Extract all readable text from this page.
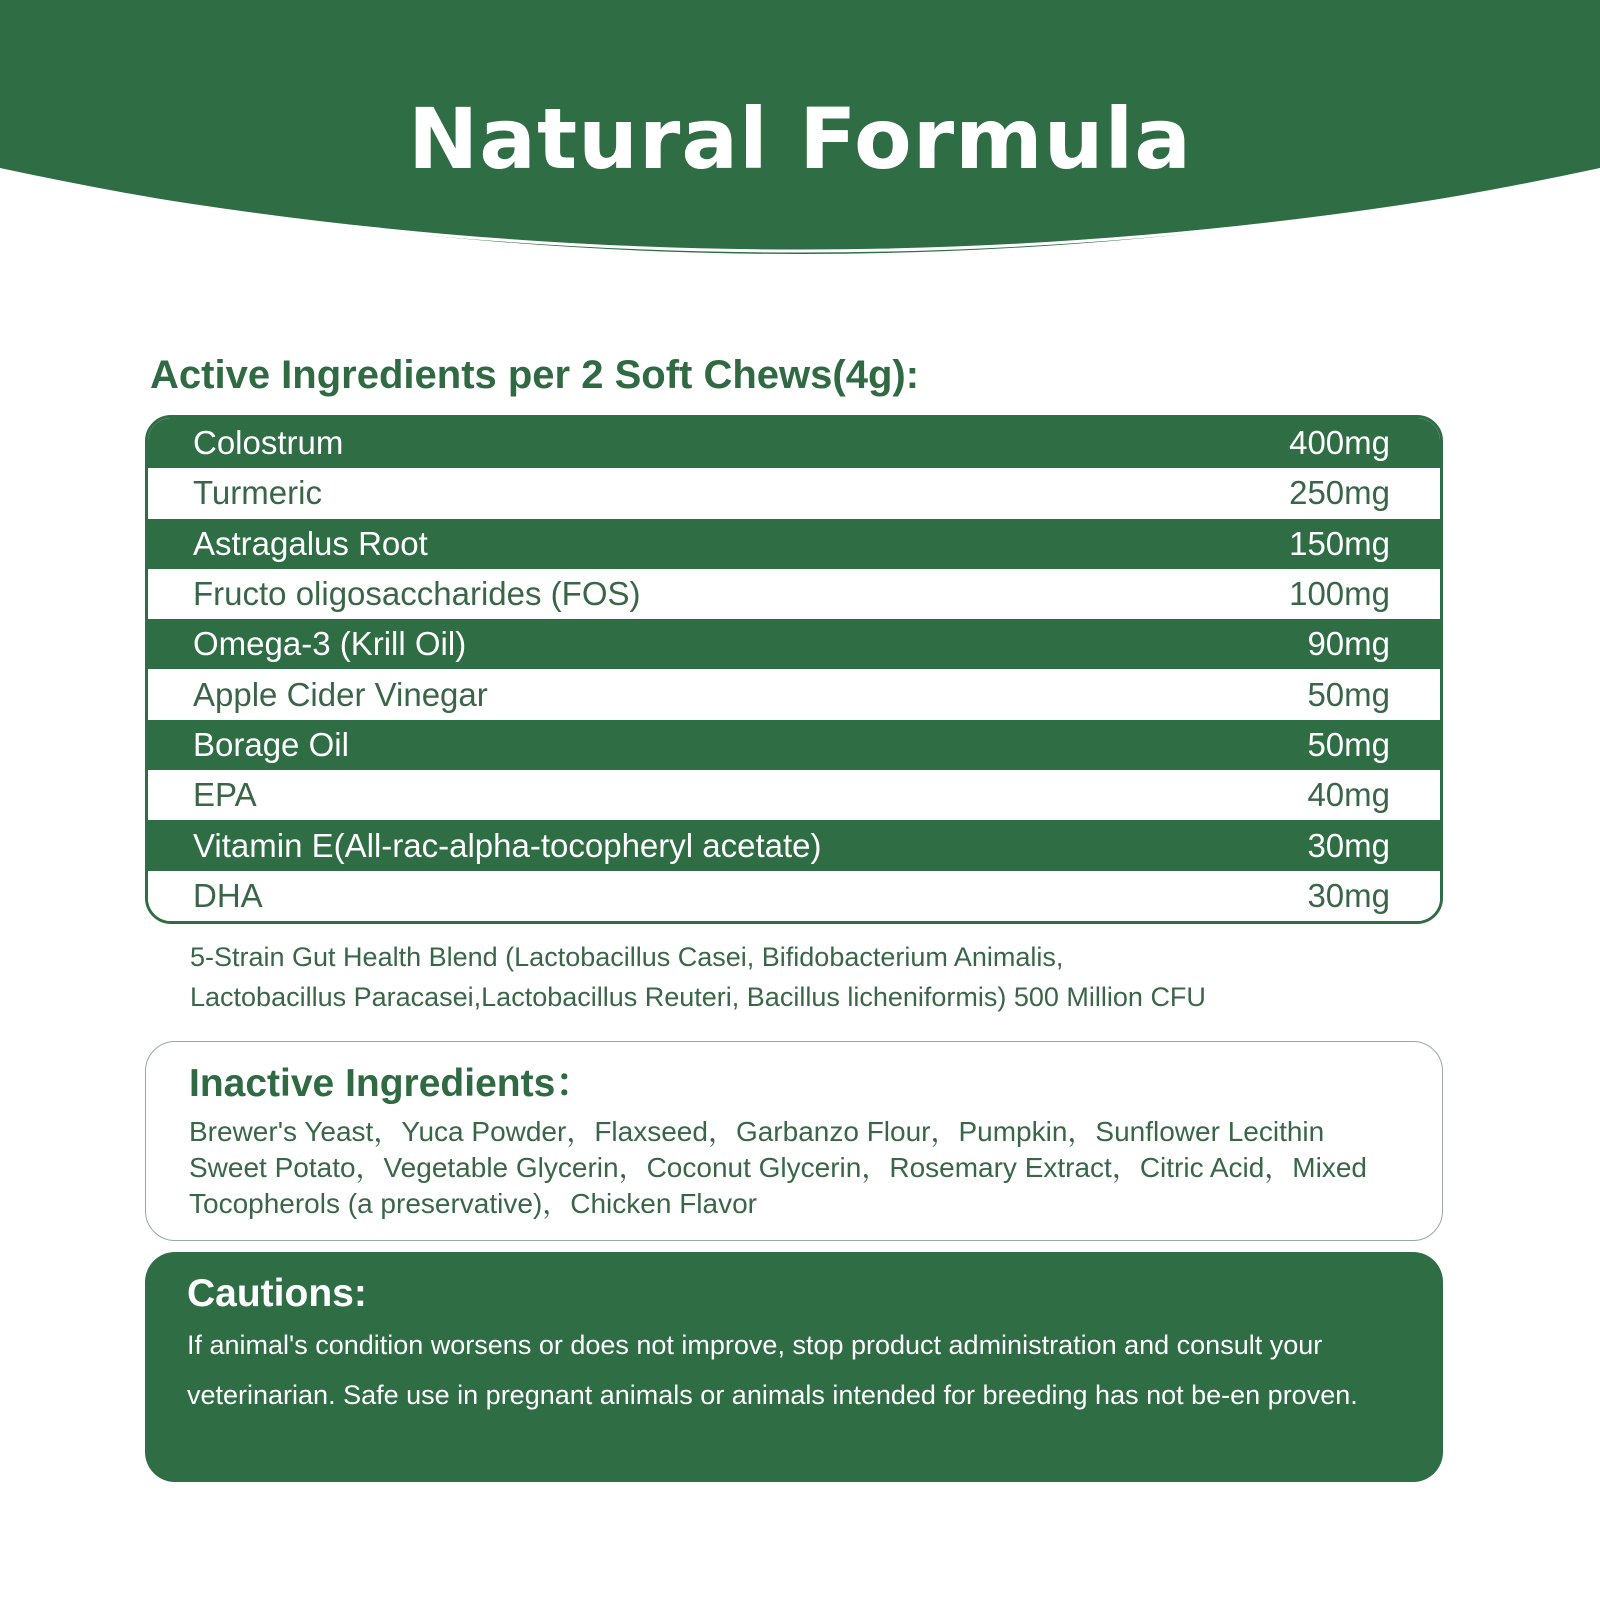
Natural Formula
Active Ingredients per 2 Soft Chews(4g):
Colostrum	400mg
Turmeric	250mg
Astragalus Root	150mg
Fructo oligosaccharides (FOS)	100mg
Omega-3 (Krill Oil)	90mg
Apple Cider Vinegar	50mg
Borage Oil	50mg
EPA	40mg
Vitamin E(All-rac-alpha-tocopheryl acetate)	30mg
DHA	30mg
5-Strain Gut Health Blend (Lactobacillus Casei, Bifidobacterium Animalis,
Lactobacillus Paracasei,Lactobacillus Reuteri, Bacillus licheniformis) 500 Million CFU
Inactive Ingredients：
Brewer's Yeast，Yuca Powder，Flaxseed，Garbanzo Flour，Pumpkin，Sunflower Lecithin Sweet Potato，Vegetable Glycerin，Coconut Glycerin，Rosemary Extract，Citric Acid，Mixed Tocopherols (a preservative)，Chicken Flavor
Cautions:
If animal's condition worsens or does not improve, stop product administration and consult your veterinarian. Safe use in pregnant animals or animals intended for breeding has not be-en proven.
